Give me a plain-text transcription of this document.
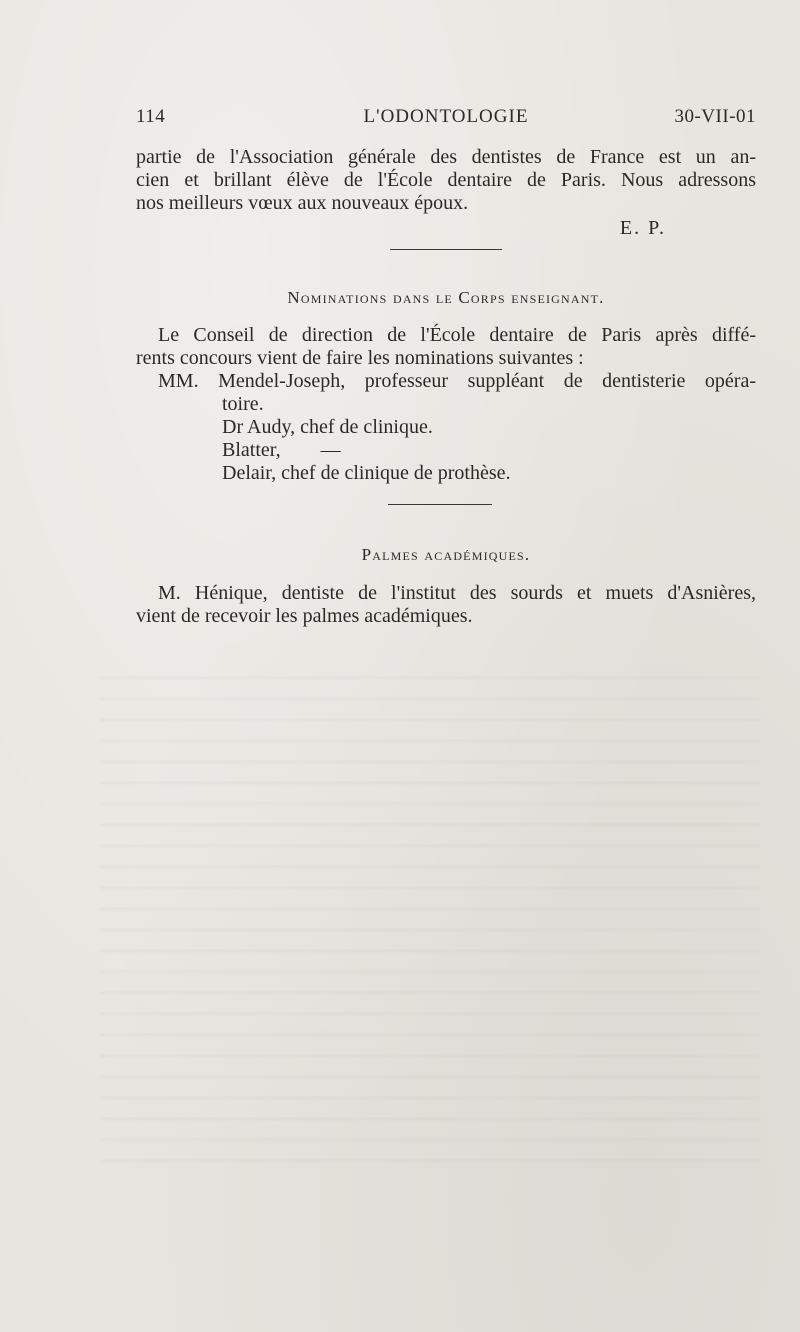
114	L'ODONTOLOGIE	30-VII-01
partie de l'Association générale des dentistes de France est un an-
cien et brillant élève de l'École dentaire de Paris. Nous adressons
nos meilleurs vœux aux nouveaux époux.
E. P.
Nominations dans le Corps enseignant.
Le Conseil de direction de l'École dentaire de Paris après diffé-
rents concours vient de faire les nominations suivantes :
MM. Mendel-Joseph, professeur suppléant de dentisterie opéra-
toire.
Dr Audy, chef de clinique.
Blatter,        —
Delair, chef de clinique de prothèse.
Palmes académiques.
M. Hénique, dentiste de l'institut des sourds et muets d'Asnières,
vient de recevoir les palmes académiques.
